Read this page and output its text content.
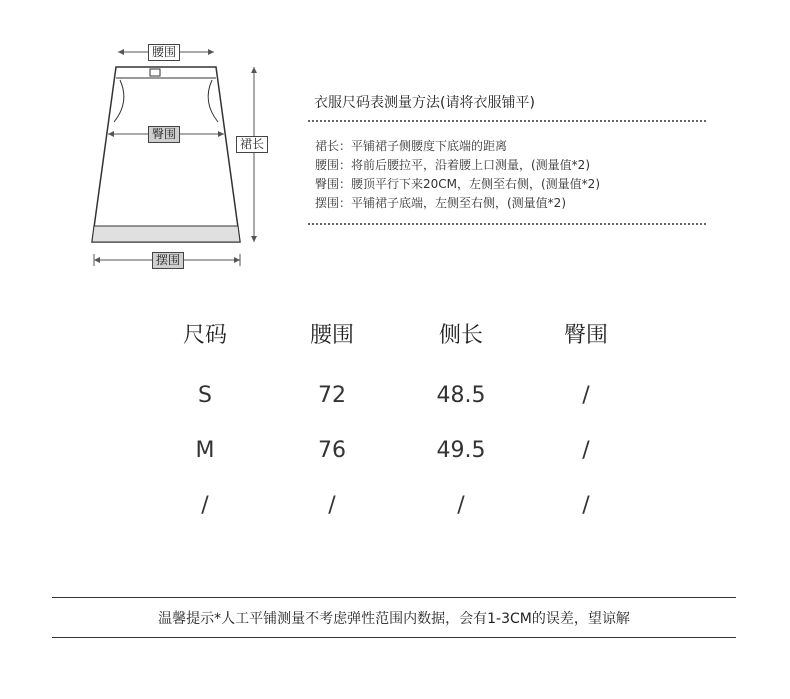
腰围
臀围
裙长
摆围
衣服尺码表测量方法(请将衣服铺平)
裙长：平铺裙子侧腰度下底端的距离
腰围：将前后腰拉平，沿着腰上口测量，(测量值*2)
臀围：腰顶平行下来20CM，左侧至右侧，(测量值*2)
摆围：平铺裙子底端，左侧至右侧，(测量值*2)
尺码	腰围	侧长	臀围
S	72	48.5	/
M	76	49.5	/
/	/	/	/
温馨提示*人工平铺测量不考虑弹性范围内数据，会有1-3CM的误差，望谅解
